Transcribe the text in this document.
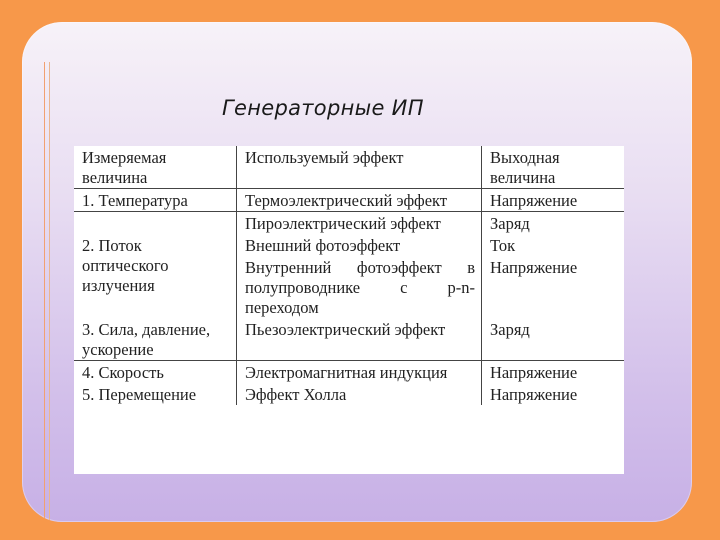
Генераторные ИП
Измеряемая величина	Используемый эффект	Выходная величина
1. Температура	Термоэлектрический эффект	Напряжение
	Пироэлектрический эффект	Заряд
2. Поток оптического излучения	Внешний фотоэффект	Ток
	Внутренний фотоэффект в полупроводнике с p-n-переходом	Напряжение
3. Сила, давление, ускорение	Пьезоэлектрический эффект	Заряд
4. Скорость	Электромагнитная индукция	Напряжение
5. Перемещение	Эффект Холла	Напряжение
